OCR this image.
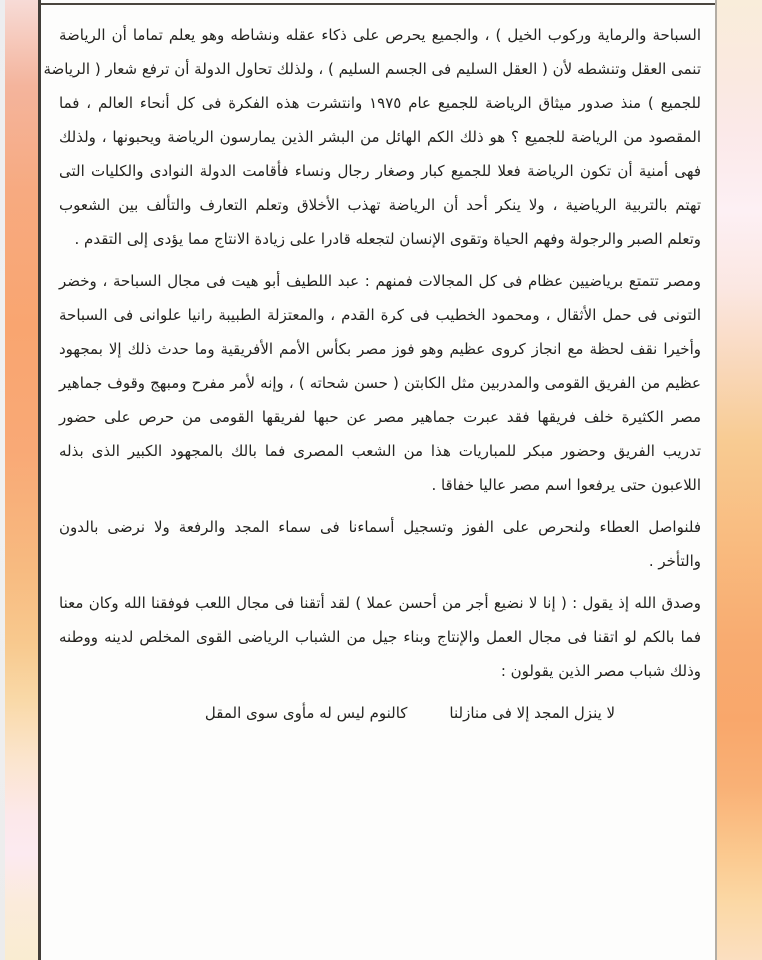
السباحة والرماية وركوب الخيل ) ، والجميع يحرص على ذكاء عقله ونشاطه وهو يعلم تماما أن الرياضة
تنمى العقل وتنشطه لأن ( العقل السليم فى الجسم السليم ) ، ولذلك تحاول الدولة أن ترفع شعار ( الرياضة
للجميع ) منذ صدور ميثاق الرياضة للجميع عام ١٩٧٥ وانتشرت هذه الفكرة فى كل أنحاء العالم ، فما
المقصود من الرياضة للجميع ؟ هو ذلك الكم الهائل من البشر الذين يمارسون الرياضة ويحبونها ، ولذلك
فهى أمنية أن تكون الرياضة فعلا للجميع كبار وصغار رجال ونساء فأقامت الدولة النوادى والكليات التى
تهتم بالتربية الرياضية ، ولا ينكر أحد أن الرياضة تهذب الأخلاق وتعلم التعارف والتألف بين الشعوب
وتعلم الصبر والرجولة وفهم الحياة وتقوى الإنسان لتجعله قادرا على زيادة الانتاج مما يؤدى إلى التقدم .
ومصر تتمتع برياضيين عظام فى كل المجالات فمنهم : عبد اللطيف أبو هيت فى مجال السباحة ، وخضر
التونى فى حمل الأثقال ، ومحمود الخطيب فى كرة القدم ، والمعتزلة الطبيبة رانيا علوانى فى السباحة
وأخيرا نقف لحظة مع انجاز كروى عظيم وهو فوز مصر بكأس الأمم الأفريقية وما حدث ذلك إلا بمجهود
عظيم من الفريق القومى والمدربين مثل الكابتن ( حسن شحاته ) ، وإنه لأمر مفرح ومبهج وقوف جماهير
مصر الكثيرة خلف فريقها فقد عبرت جماهير مصر عن حبها لفريقها القومى من حرص على حضور
تدريب الفريق وحضور مبكر للمباريات هذا من الشعب المصرى فما بالك بالمجهود الكبير الذى بذله
اللاعبون حتى يرفعوا اسم مصر عاليا خفاقا .
فلنواصل العطاء ولنحرص على الفوز وتسجيل أسماءنا فى سماء المجد والرفعة ولا نرضى بالدون
والتأخر .
وصدق الله إذ يقول : ( إنا لا نضيع أجر من أحسن عملا ) لقد أتقنا فى مجال اللعب فوفقنا الله وكان معنا
فما بالكم لو اتقنا فى مجال العمل والإنتاج وبناء جيل من الشباب الرياضى القوى المخلص لدينه ووطنه
وذلك شباب مصر الذين يقولون :
لا ينزل المجد إلا فى منازلنا
كالنوم ليس له مأوى سوى المقل
